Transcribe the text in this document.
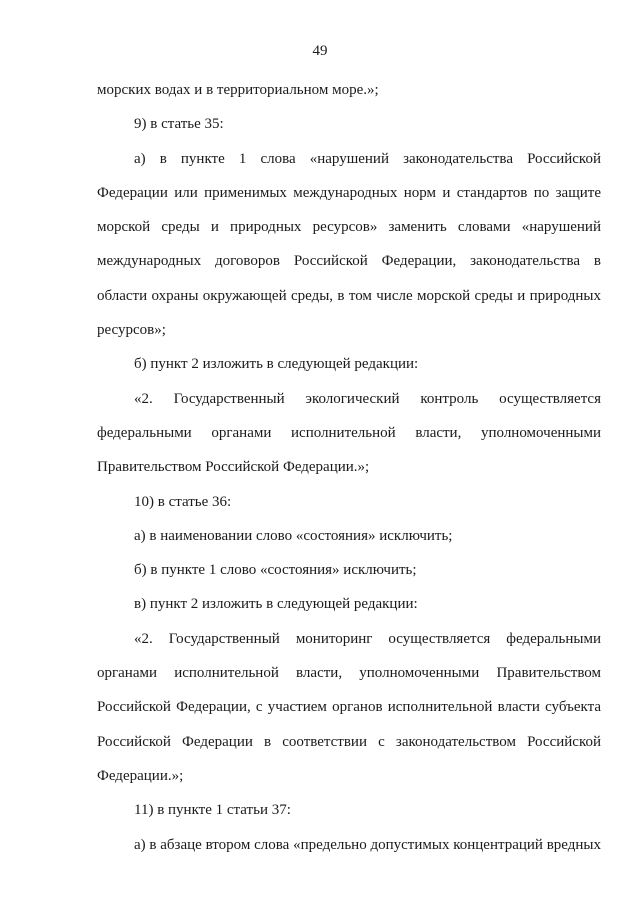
49

морских водах и в территориальном море.»;

9) в статье 35:

а) в пункте 1 слова «нарушений законодательства Российской Федерации или применимых международных норм и стандартов по защите морской среды и природных ресурсов» заменить словами «нарушений международных договоров Российской Федерации, законодательства в области охраны окружающей среды, в том числе морской среды и природных ресурсов»;

б) пункт 2 изложить в следующей редакции:

«2. Государственный экологический контроль осуществляется федеральными органами исполнительной власти, уполномоченными Правительством Российской Федерации.»;

10) в статье 36:

а) в наименовании слово «состояния» исключить;

б) в пункте 1 слово «состояния» исключить;

в) пункт 2 изложить в следующей редакции:

«2. Государственный мониторинг осуществляется федеральными органами исполнительной власти, уполномоченными Правительством Российской Федерации, с участием органов исполнительной власти субъекта Российской Федерации в соответствии с законодательством Российской Федерации.»;

11) в пункте 1 статьи 37:

а) в абзаце втором слова «предельно допустимых концентраций вредных
